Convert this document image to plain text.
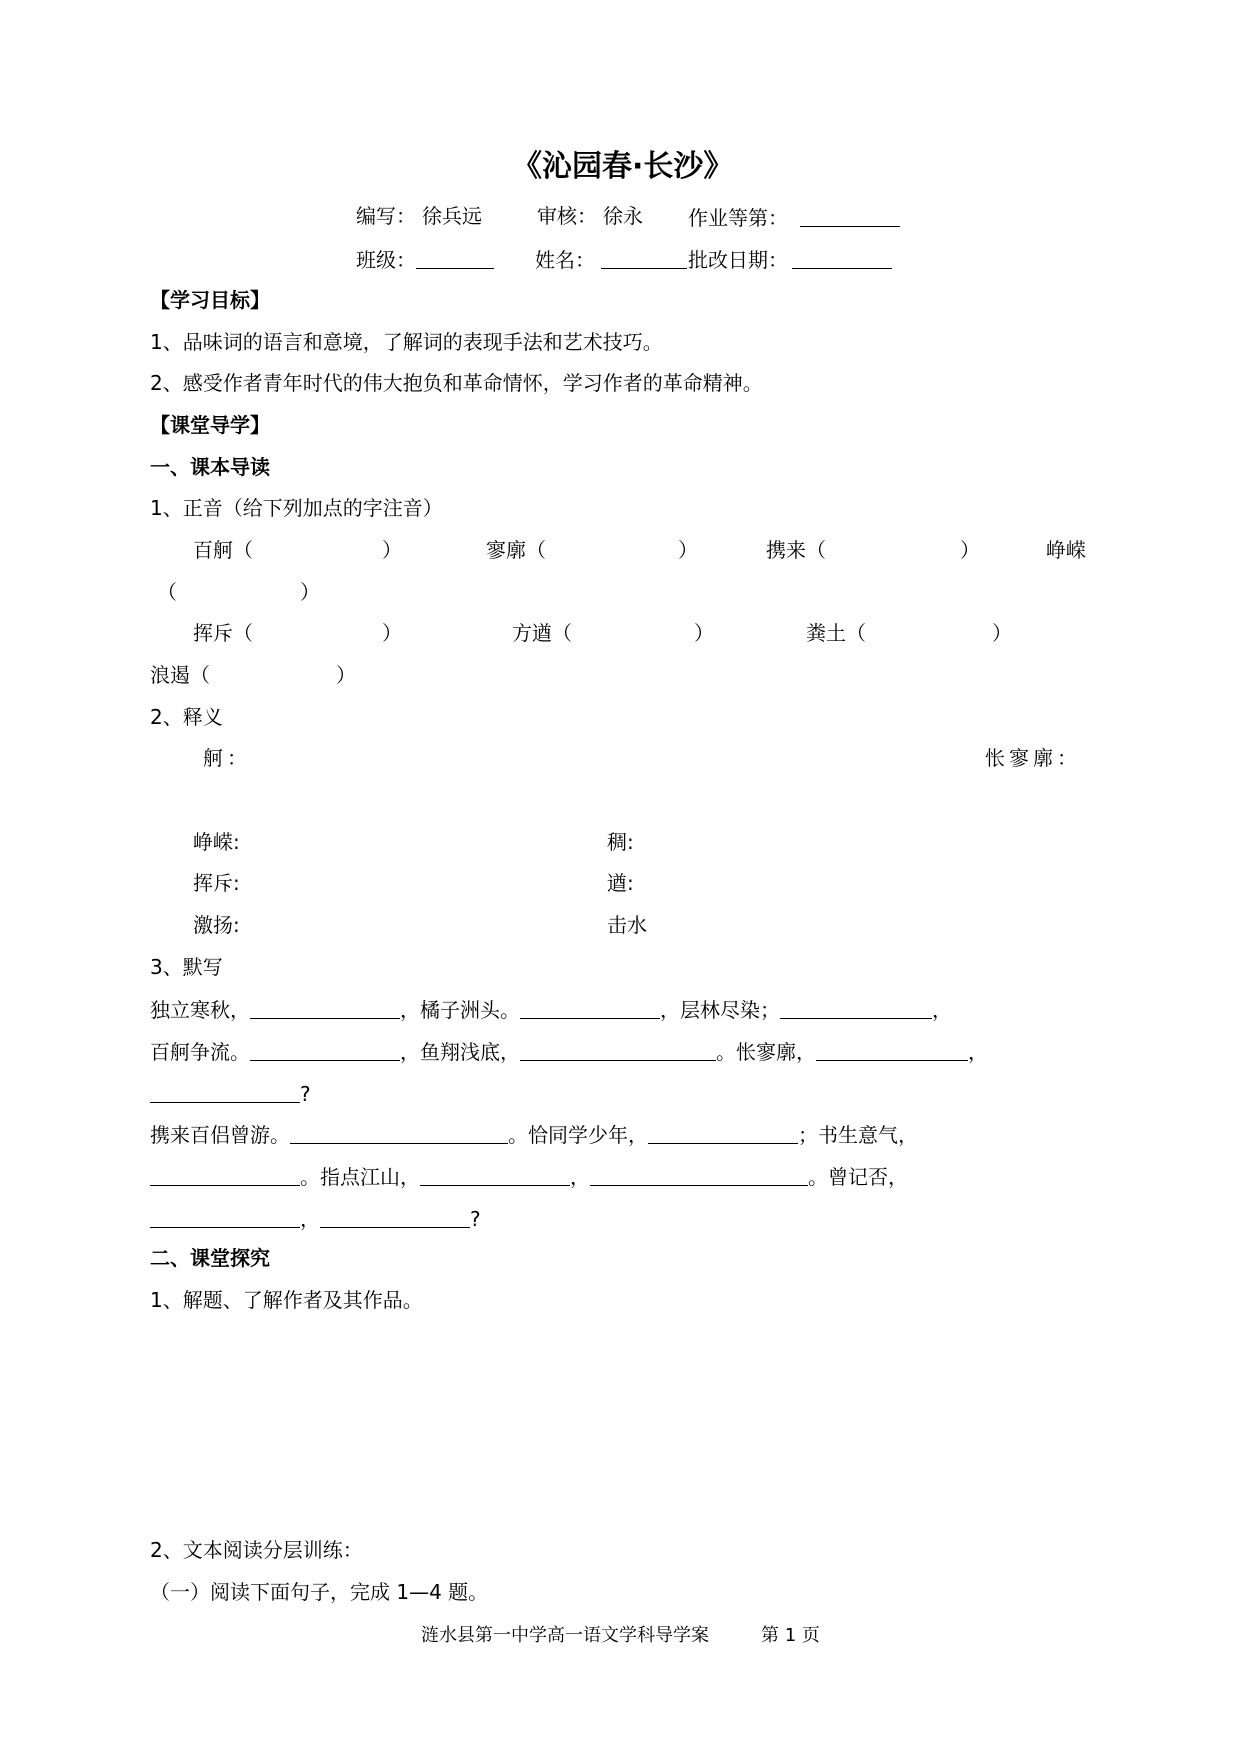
《沁园春·长沙》
编写： 徐兵远	审核： 徐永 作业等第：
班级：	姓名：	批改日期：
【学习目标】
1、品味词的语言和意境，了解词的表现手法和艺术技巧。
2、感受作者青年时代的伟大抱负和革命情怀，学习作者的革命精神。
【课堂导学】
一、课本导读
1、正音（给下列加点的字注音）
百舸（	）	寥廓（	）	携来（	）	峥嵘
（	）
挥斥（	）	方遒（	）	粪土（	）
浪遏（	）
2、释义
舸：	怅寥廓：
峥嵘:	稠:
挥斥:	遒:
激扬:	击水
3、默写
独立寒秋，	，橘子洲头。	，层林尽染；	，
百舸争流。	，鱼翔浅底，	。怅寥廓，	，
?
携来百侣曾游。	。恰同学少年，	；书生意气，
。指点江山，	，	。曾记否，
，	?
二、课堂探究
1、解题、了解作者及其作品。
2、文本阅读分层训练：
（一）阅读下面句子，完成 1—4 题。
涟水县第一中学高一语文学科导学案	第 1 页
